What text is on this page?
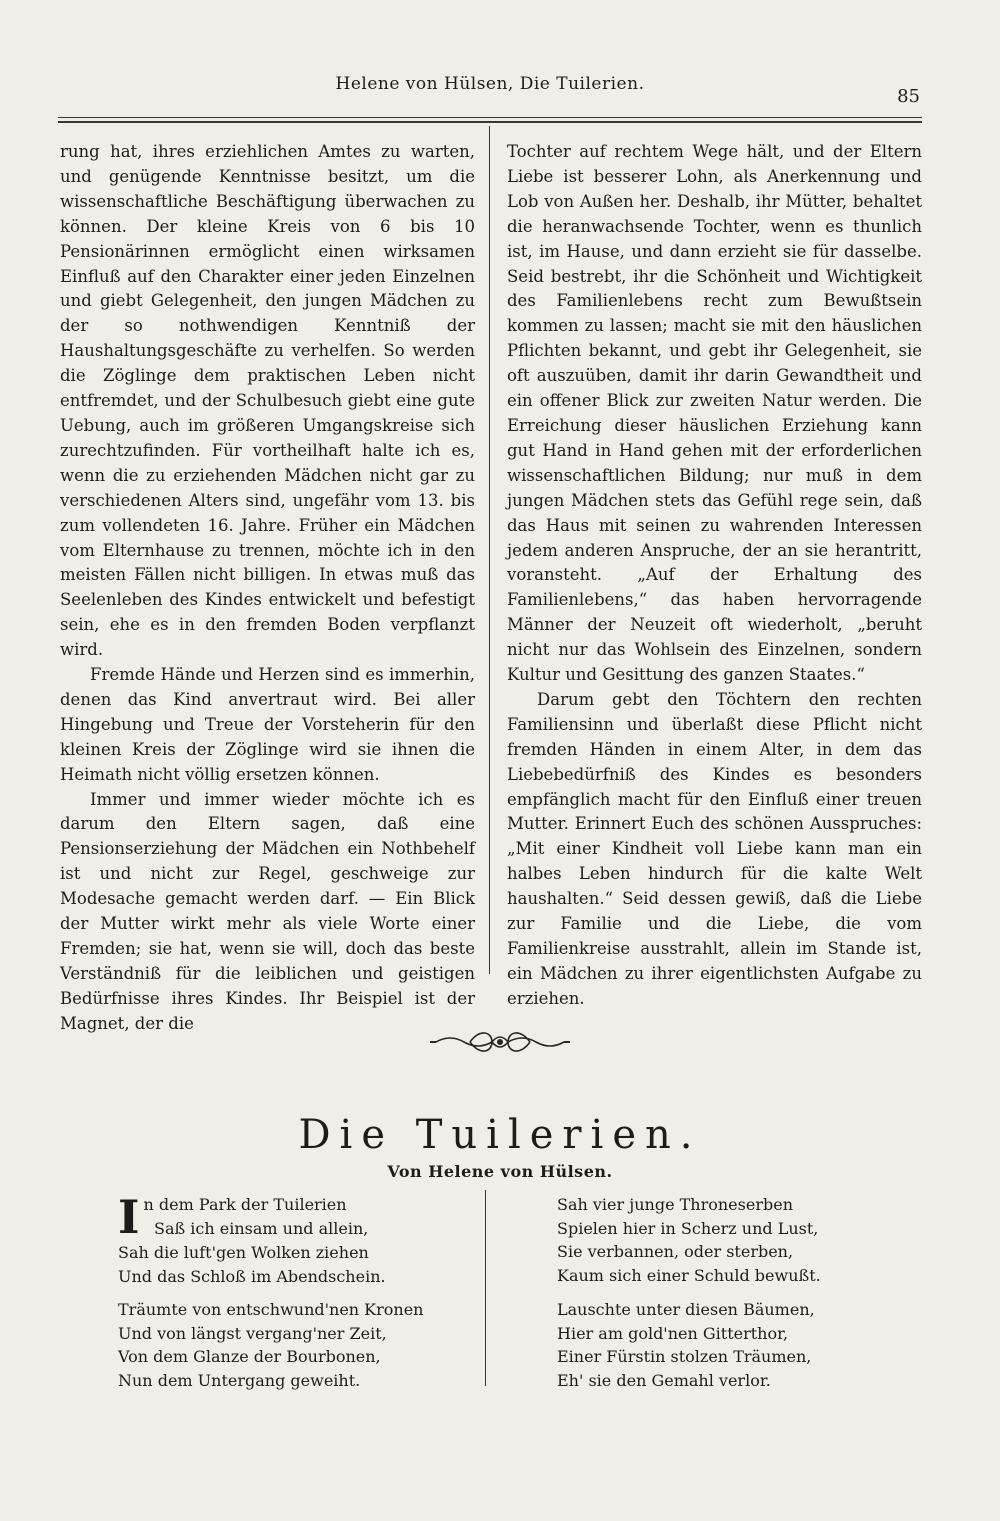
Helene von Hülsen, Die Tuilerien.
85

rung hat, ihres erziehlichen Amtes zu warten, und genügende Kenntnisse besitzt, um die wissenschaftliche Beschäftigung überwachen zu können. Der kleine Kreis von 6 bis 10 Pensionärinnen ermöglicht einen wirksamen Einfluß auf den Charakter einer jeden Einzelnen und giebt Gelegenheit, den jungen Mädchen zu der so nothwendigen Kenntniß der Haushaltungsgeschäfte zu verhelfen. So werden die Zöglinge dem praktischen Leben nicht entfremdet, und der Schulbesuch giebt eine gute Uebung, auch im größeren Umgangskreise sich zurechtzufinden. Für vortheilhaft halte ich es, wenn die zu erziehenden Mädchen nicht gar zu verschiedenen Alters sind, ungefähr vom 13. bis zum vollendeten 16. Jahre. Früher ein Mädchen vom Elternhause zu trennen, möchte ich in den meisten Fällen nicht billigen. In etwas muß das Seelenleben des Kindes entwickelt und befestigt sein, ehe es in den fremden Boden verpflanzt wird.

Fremde Hände und Herzen sind es immerhin, denen das Kind anvertraut wird. Bei aller Hingebung und Treue der Vorsteherin für den kleinen Kreis der Zöglinge wird sie ihnen die Heimath nicht völlig ersetzen können.

Immer und immer wieder möchte ich es darum den Eltern sagen, daß eine Pensionserziehung der Mädchen ein Nothbehelf ist und nicht zur Regel, geschweige zur Modesache gemacht werden darf. — Ein Blick der Mutter wirkt mehr als viele Worte einer Fremden; sie hat, wenn sie will, doch das beste Verständniß für die leiblichen und geistigen Bedürfnisse ihres Kindes. Ihr Beispiel ist der Magnet, der die

Tochter auf rechtem Wege hält, und der Eltern Liebe ist besserer Lohn, als Anerkennung und Lob von Außen her. Deshalb, ihr Mütter, behaltet die heranwachsende Tochter, wenn es thunlich ist, im Hause, und dann erzieht sie für dasselbe. Seid bestrebt, ihr die Schönheit und Wichtigkeit des Familienlebens recht zum Bewußtsein kommen zu lassen; macht sie mit den häuslichen Pflichten bekannt, und gebt ihr Gelegenheit, sie oft auszuüben, damit ihr darin Gewandtheit und ein offener Blick zur zweiten Natur werden. Die Erreichung dieser häuslichen Erziehung kann gut Hand in Hand gehen mit der erforderlichen wissenschaftlichen Bildung; nur muß in dem jungen Mädchen stets das Gefühl rege sein, daß das Haus mit seinen zu wahrenden Interessen jedem anderen Anspruche, der an sie herantritt, voransteht. „Auf der Erhaltung des Familienlebens,“ das haben hervorragende Männer der Neuzeit oft wiederholt, „beruht nicht nur das Wohlsein des Einzelnen, sondern Kultur und Gesittung des ganzen Staates.“

Darum gebt den Töchtern den rechten Familiensinn und überlaßt diese Pflicht nicht fremden Händen in einem Alter, in dem das Liebebedürfniß des Kindes es besonders empfänglich macht für den Einfluß einer treuen Mutter. Erinnert Euch des schönen Ausspruches: „Mit einer Kindheit voll Liebe kann man ein halbes Leben hindurch für die kalte Welt haushalten.“ Seid dessen gewiß, daß die Liebe zur Familie und die Liebe, die vom Familienkreise ausstrahlt, allein im Stande ist, ein Mädchen zu ihrer eigentlichsten Aufgabe zu erziehen.

Die Tuilerien.
Von Helene von Hülsen.
I n dem Park der Tuilerien
Saß ich einsam und allein,
Sah die luft'gen Wolken ziehen
Und das Schloß im Abendschein.
Träumte von entschwund'nen Kronen
Und von längst vergang'ner Zeit,
Von dem Glanze der Bourbonen,
Nun dem Untergang geweiht.
Sah vier junge Throneserben
Spielen hier in Scherz und Lust,
Sie verbannen, oder sterben,
Kaum sich einer Schuld bewußt.
Lauschte unter diesen Bäumen,
Hier am gold'nen Gitterthor,
Einer Fürstin stolzen Träumen,
Eh' sie den Gemahl verlor.
